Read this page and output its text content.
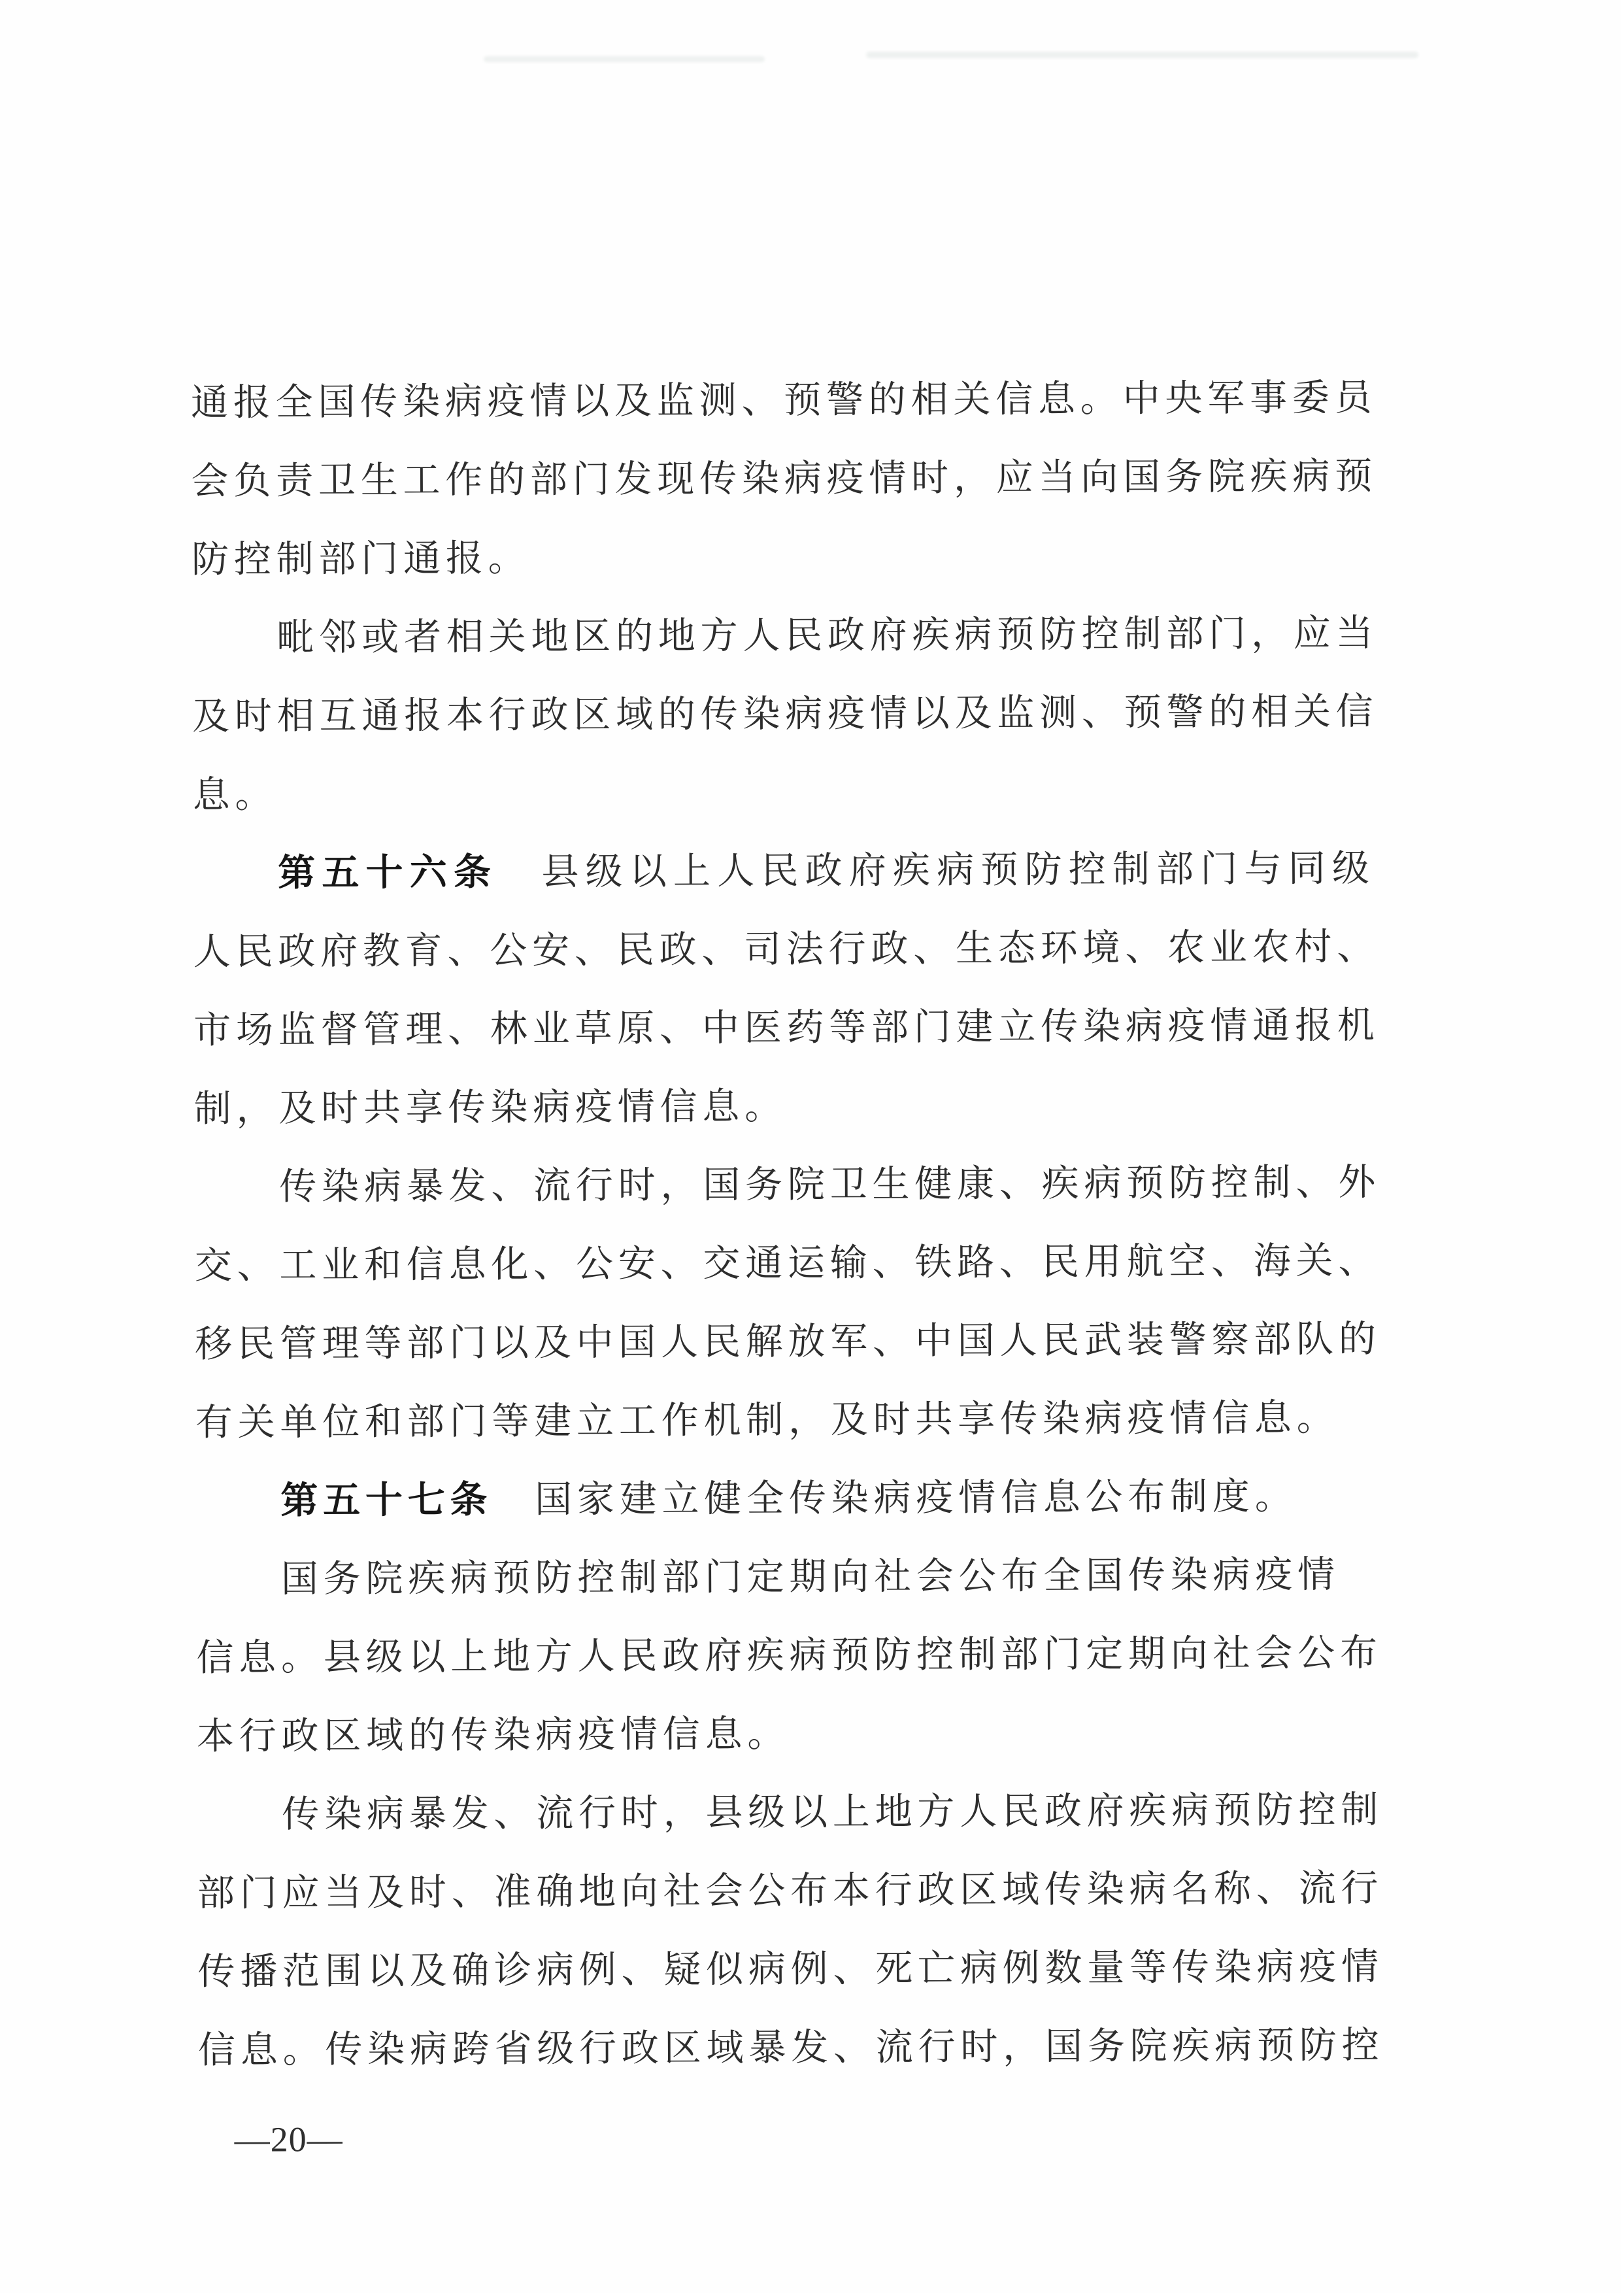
通报全国传染病疫情以及监测、预警的相关信息。中央军事委员
会负责卫生工作的部门发现传染病疫情时，应当向国务院疾病预
防控制部门通报。
毗邻或者相关地区的地方人民政府疾病预防控制部门，应当
及时相互通报本行政区域的传染病疫情以及监测、预警的相关信
息。
第五十六条　县级以上人民政府疾病预防控制部门与同级
人民政府教育、公安、民政、司法行政、生态环境、农业农村、
市场监督管理、林业草原、中医药等部门建立传染病疫情通报机
制，及时共享传染病疫情信息。
传染病暴发、流行时，国务院卫生健康、疾病预防控制、外
交、工业和信息化、公安、交通运输、铁路、民用航空、海关、
移民管理等部门以及中国人民解放军、中国人民武装警察部队的
有关单位和部门等建立工作机制，及时共享传染病疫情信息。
第五十七条　国家建立健全传染病疫情信息公布制度。
国务院疾病预防控制部门定期向社会公布全国传染病疫情
信息。县级以上地方人民政府疾病预防控制部门定期向社会公布
本行政区域的传染病疫情信息。
传染病暴发、流行时，县级以上地方人民政府疾病预防控制
部门应当及时、准确地向社会公布本行政区域传染病名称、流行
传播范围以及确诊病例、疑似病例、死亡病例数量等传染病疫情
信息。传染病跨省级行政区域暴发、流行时，国务院疾病预防控
—20—
